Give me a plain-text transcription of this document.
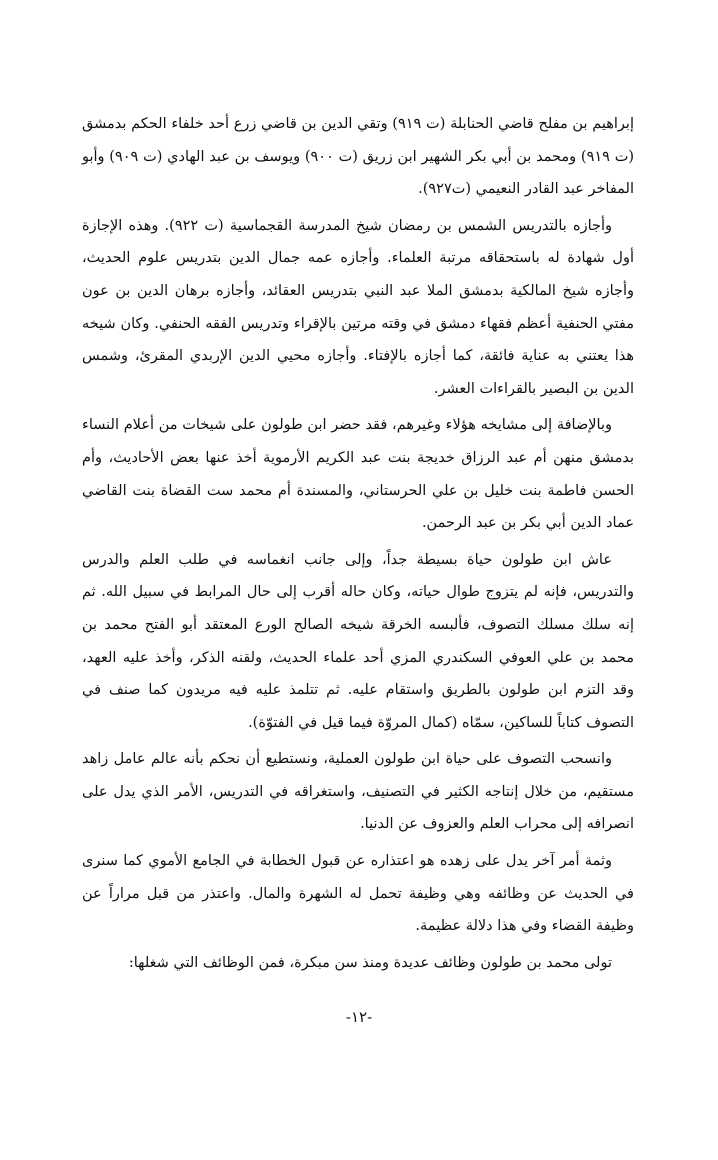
إبراهيم بن مفلح قاضي الحنابلة (ت ٩١٩) وتقي الدين بن قاضي زرع أحد خلفاء الحكم بدمشق (ت ٩١٩) ومحمد بن أبي بكر الشهير ابن زريق (ت ٩٠٠) ويوسف بن عبد الهادي (ت ٩٠٩) وأبو المفاخر عبد القادر النعيمي (ت٩٢٧).

وأجازه بالتدريس الشمس بن رمضان شيخ المدرسة القجماسية (ت ٩٢٢). وهذه الإجازة أول شهادة له باستحقاقه مرتبة العلماء. وأجازه عمه جمال الدين بتدريس علوم الحديث، وأجازه شيخ المالكية بدمشق الملا عبد النبي بتدريس العقائد، وأجازه برهان الدين بن عون مفتي الحنفية أعظم فقهاء دمشق في وقته مرتين بالإقراء وتدريس الفقه الحنفي. وكان شيخه هذا يعتني به عناية فائقة، كما أجازه بالإفتاء. وأجازه محيي الدين الإربدي المقرئ، وشمس الدين بن البصير بالقراءات العشر.

وبالإضافة إلى مشايخه هؤلاء وغيرهم، فقد حضر ابن طولون على شيخات من أعلام النساء بدمشق منهن أم عبد الرزاق خديجة بنت عبد الكريم الأرموية أخذ عنها بعض الأحاديث، وأم الحسن فاطمة بنت خليل بن علي الحرستاني، والمسندة أم محمد ست القضاة بنت القاضي عماد الدين أبي بكر بن عبد الرحمن.

عاش ابن طولون حياة بسيطة جداً، وإلى جانب انغماسه في طلب العلم والدرس والتدريس، فإنه لم يتزوج طوال حياته، وكان حاله أقرب إلى حال المرابط في سبيل الله. ثم إنه سلك مسلك التصوف، فألبسه الخرقة شيخه الصالح الورع المعتقد أبو الفتح محمد بن محمد بن علي العوفي السكندري المزي أحد علماء الحديث، ولقنه الذكر، وأخذ عليه العهد، وقد التزم ابن طولون بالطريق واستقام عليه. ثم تتلمذ عليه فيه مريدون كما صنف في التصوف كتاباً للساكين، سمّاه (كمال المروّة فيما قيل في الفتوّة).

وانسحب التصوف على حياة ابن طولون العملية، ونستطيع أن نحكم بأنه عالم عامل زاهد مستقيم، من خلال إنتاجه الكثير في التصنيف، واستغراقه في التدريس، الأمر الذي يدل على انصرافه إلى محراب العلم والعزوف عن الدنيا.

وثمة أمر آخر يدل على زهده هو اعتذاره عن قبول الخطابة في الجامع الأموي كما سنرى في الحديث عن وظائفه وهي وظيفة تحمل له الشهرة والمال. واعتذر من قبل مراراً عن وظيفة القضاء وفي هذا دلالة عظيمة.

تولى محمد بن طولون وظائف عديدة ومنذ سن مبكرة، فمن الوظائف التي شغلها:

-١٢-
